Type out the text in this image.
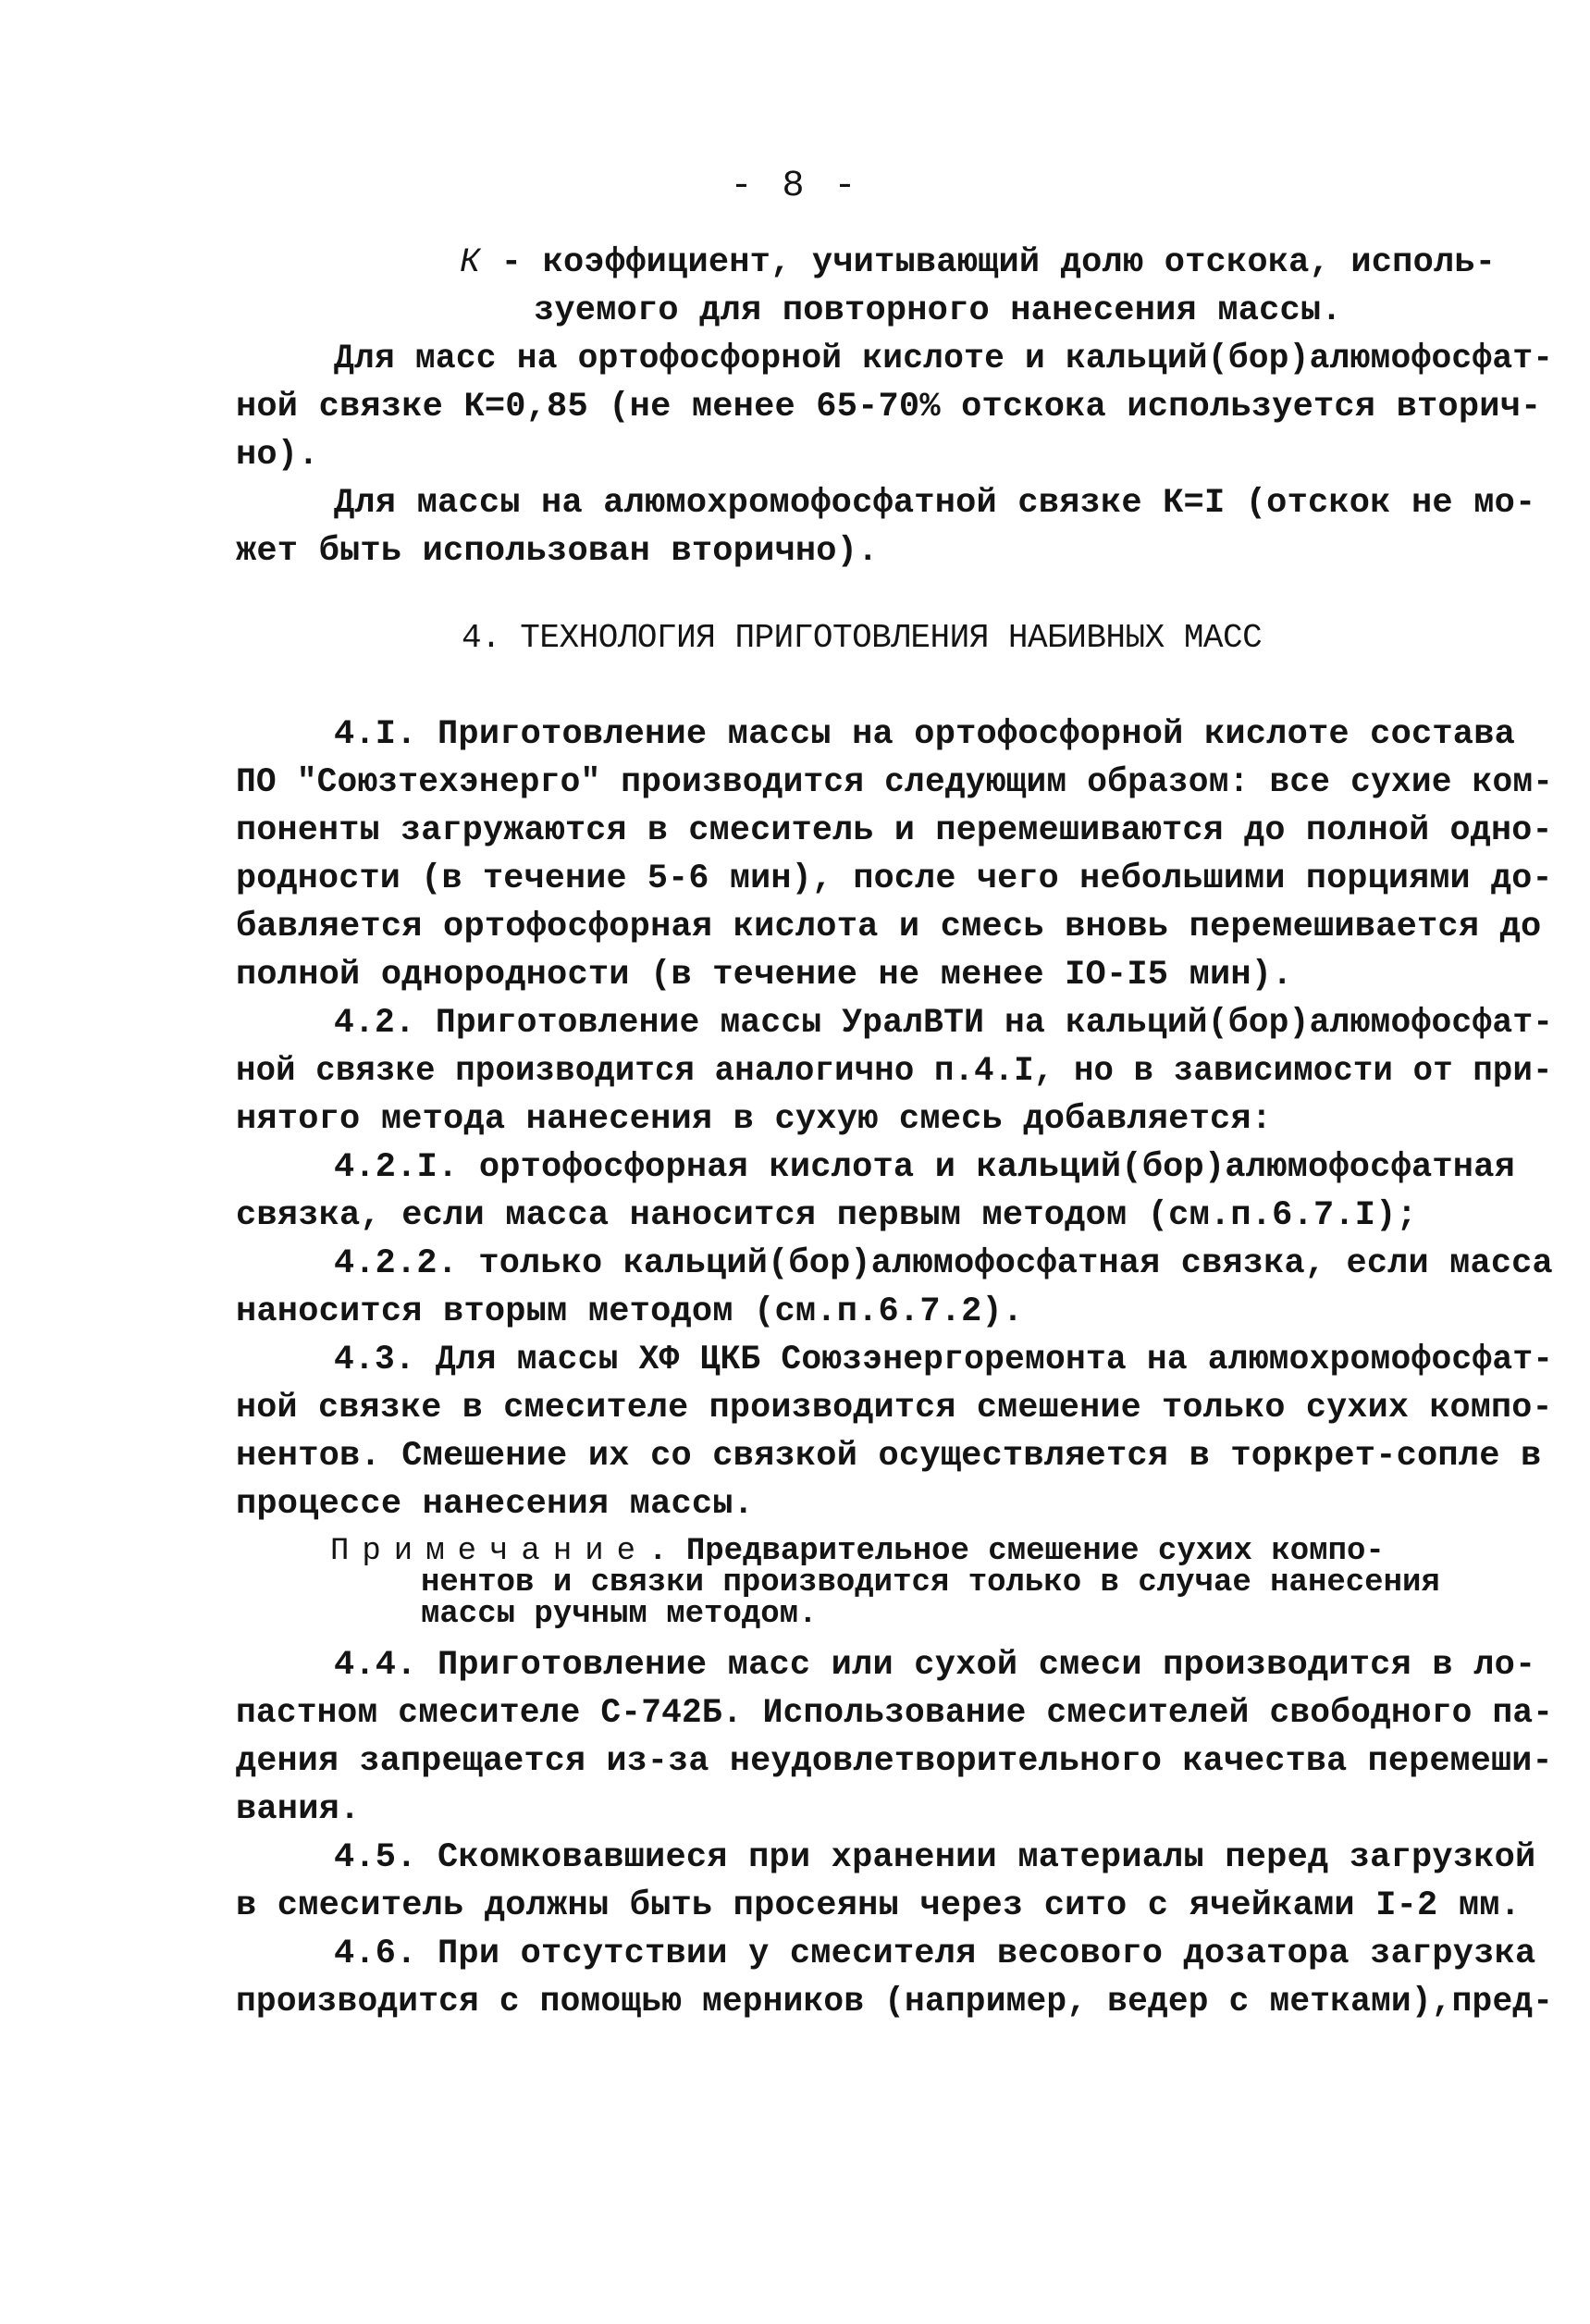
- 8 -
К - коэффициент, учитывающий долю отскока, исполь-
зуемого для повторного нанесения массы.
Для масс на ортофосфорной кислоте и кальций(бор)алюмофосфат-
ной связке К=0,85 (не менее 65-70% отскока используется вторич-
но).
Для массы на алюмохромофосфатной связке К=I (отскок не мо-
жет быть использован вторично).
4. ТЕХНОЛОГИЯ ПРИГОТОВЛЕНИЯ НАБИВНЫХ МАСС
4.I. Приготовление массы на ортофосфорной кислоте состава
ПО "Союзтехэнерго" производится следующим образом: все сухие ком-
поненты загружаются в смеситель и перемешиваются до полной одно-
родности (в течение 5-6 мин), после чего небольшими порциями до-
бавляется ортофосфорная кислота и смесь вновь перемешивается до
полной однородности (в течение не менее IO-I5 мин).
4.2. Приготовление массы УралВТИ на кальций(бор)алюмофосфат-
ной связке производится аналогично п.4.I, но в зависимости от при-
нятого метода нанесения в сухую смесь добавляется:
4.2.I. ортофосфорная кислота и кальций(бор)алюмофосфатная
связка, если масса наносится первым методом (см.п.6.7.I);
4.2.2. только кальций(бор)алюмофосфатная связка, если масса
наносится вторым методом (см.п.6.7.2).
4.3. Для массы ХФ ЦКБ Союзэнергоремонта на алюмохромофосфат-
ной связке в смесителе производится смешение только сухих компо-
нентов. Смешение их со связкой осуществляется в торкрет-сопле в
процессе нанесения массы.
Примечание. Предварительное смешение сухих компо-
нентов и связки производится только в случае нанесения
массы ручным методом.
4.4. Приготовление масс или сухой смеси производится в ло-
пастном смесителе С-742Б. Использование смесителей свободного па-
дения запрещается из-за неудовлетворительного качества перемеши-
вания.
4.5. Скомковавшиеся при хранении материалы перед загрузкой
в смеситель должны быть просеяны через сито с ячейками I-2 мм.
4.6. При отсутствии у смесителя весового дозатора загрузка
производится с помощью мерников (например, ведер с метками),пред-
